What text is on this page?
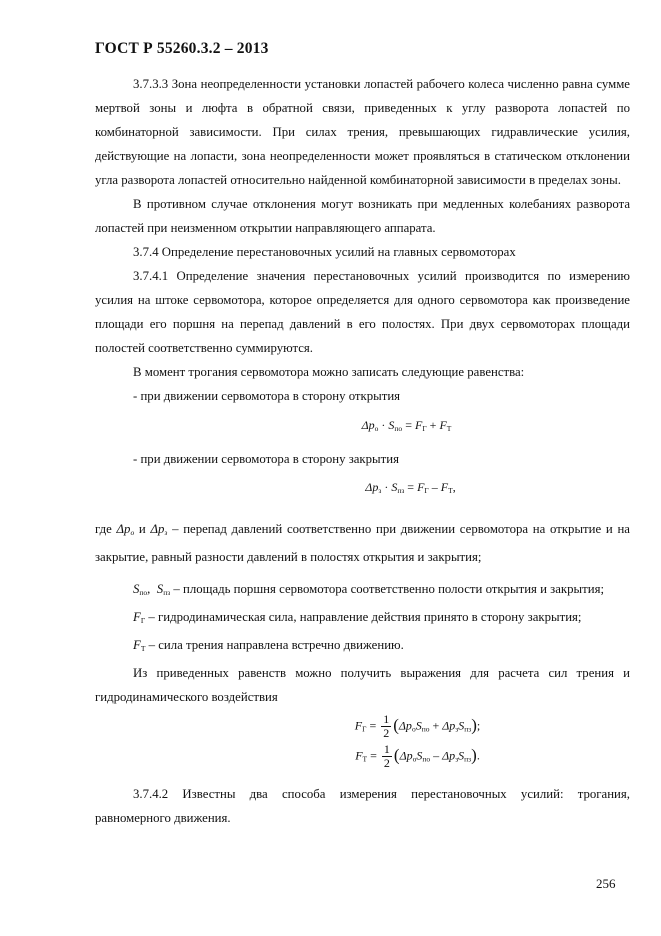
ГОСТ Р 55260.3.2 – 2013

3.7.3.3 Зона неопределенности установки лопастей рабочего колеса численно равна сумме мертвой зоны и люфта в обратной связи, приведенных к углу разворота лопастей по комбинаторной зависимости. При силах трения, превышающих гидравлические усилия, действующие на лопасти, зона неопределенности может проявляться в статическом отклонении угла разворота лопастей относительно найденной комбинаторной зависимости в пределах зоны.

В противном случае отклонения могут возникать при медленных колебаниях разворота лопастей при неизменном открытии направляющего аппарата.

3.7.4 Определение перестановочных усилий на главных сервомоторах

3.7.4.1 Определение значения перестановочных усилий производится по измерению усилия на штоке сервомотора, которое определяется для одного сервомотора как произведение площади его поршня на перепад давлений в его полостях. При двух сервомоторах площади полостей соответственно суммируются.

В момент трогания сервомотора можно записать следующие равенства:

- при движении сервомотора в сторону открытия

$\Delta p_о \cdot S_{по} = F_Г + F_Т$

- при движении сервомотора в сторону закрытия

$\Delta p_з \cdot S_{пз} = F_Г - F_Т$,

где $\Delta p_о$ и $\Delta p_з$ – перепад давлений соответственно при движении сервомотора на открытие и на закрытие, равный разности давлений в полостях открытия и закрытия;

$S_{по}$,  $S_{пз}$ – площадь поршня сервомотора соответственно полости открытия и закрытия;

$F_Г$ – гидродинамическая сила, направление действия принято в сторону закрытия;

$F_Т$ – сила трения направлена встречно движению.

Из приведенных равенств можно получить выражения для расчета сил трения и гидродинамического воздействия

$F_Г = \frac{1}{2} (\Delta p_оS_{по} + \Delta p_зS_{пз})$;

$F_Т = \frac{1}{2} (\Delta p_оS_{по} - \Delta p_зS_{пз})$.

3.7.4.2 Известны два способа измерения перестановочных усилий: трогания, равномерного движения.

256
